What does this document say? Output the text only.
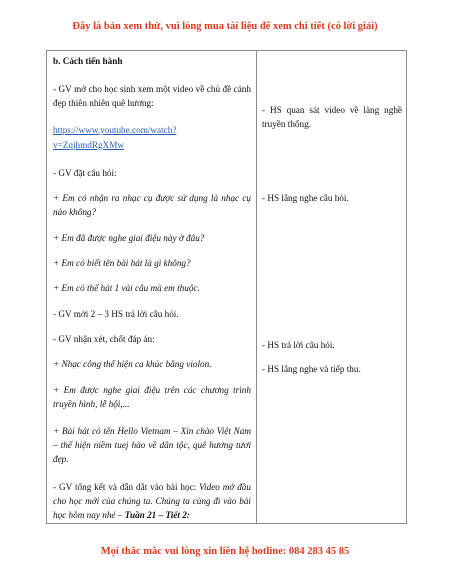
Đây là bản xem thử, vui lòng mua tài liệu để xem chi tiết (có lời giải)
b. Cách tiến hành
- GV mở cho học sinh xem một video về chủ đề cảnh đẹp thiên nhiên quê hương:
https://www.youtube.com/watch?
v=ZqjhmdRgXMw
- GV đặt câu hỏi:
+ Em có nhận ra nhạc cụ được sử dụng là nhạc cụ nào không?
+ Em đã được nghe giai điệu này ở đâu?
+ Em có biết tên bài hát là gì không?
+ Em có thể hát 1 vài câu mà em thuộc.
- GV mời 2 – 3 HS trả lời câu hỏi.
- GV nhận xét, chốt đáp án:
+ Nhạc công thể hiện ca khúc bằng violon.
+ Em được nghe giai điệu trên các chương trình truyền hình, lễ hội,...
+ Bài hát có tên Hello Vietnam – Xin chào Việt Nam – thể hiện niềm tuej hào về dân tộc, quê hương tươi đẹp.
- GV tổng kết và dẫn dắt vào bài học: Video mở đầu cho học mới của chúng ta. Chúng ta cùng đi vào bài học hôm nay nhé – Tuần 21 – Tiết 2:
- HS quan sát video về làng nghề truyền thống.
- HS lắng nghe câu hỏi.
- HS trả lời câu hỏi.
- HS lắng nghe và tiếp thu.
Mọi thắc mắc vui lòng xin liên hệ hotline: 084 283 45 85
